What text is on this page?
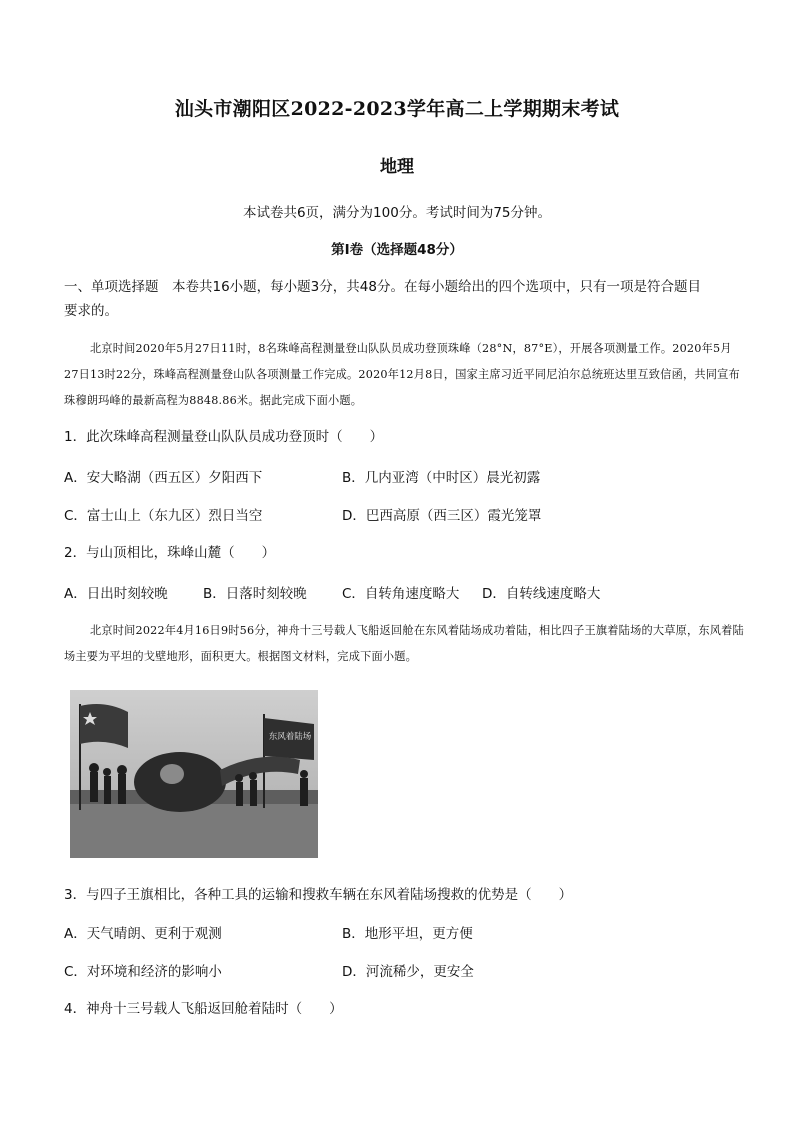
汕头市潮阳区2022-2023学年高二上学期期末考试
地理
本试卷共6页，满分为100分。考试时间为75分钟。
第I卷（选择题48分）
一、单项选择题　本卷共16小题，每小题3分，共48分。在每小题给出的四个选项中，只有一项是符合题目
要求的。
北京时间2020年5月27日11时，8名珠峰高程测量登山队队员成功登顶珠峰（28°N，87°E），开展各项测量工作。2020年5月27日13时22分，珠峰高程测量登山队各项测量工作完成。2020年12月8日，国家主席习近平同尼泊尔总统班达里互致信函，共同宣布珠穆朗玛峰的最新高程为8848.86米。据此完成下面小题。
1．此次珠峰高程测量登山队队员成功登顶时（　　）
A．安大略湖（西五区）夕阳西下	B．几内亚湾（中时区）晨光初露
C．富士山上（东九区）烈日当空	D．巴西高原（西三区）霞光笼罩
2．与山顶相比，珠峰山麓（　　）
A．日出时刻较晚	B．日落时刻较晚	C．自转角速度略大 D．自转线速度略大
北京时间2022年4月16日9时56分，神舟十三号载人飞船返回舱在东风着陆场成功着陆，相比四子王旗着陆场的大草原，东风着陆场主要为平坦的戈壁地形，面积更大。根据图文材料，完成下面小题。
东风着陆场
3．与四子王旗相比，各种工具的运输和搜救车辆在东风着陆场搜救的优势是（　　）
A．天气晴朗、更利于观测	B．地形平坦，更方便
C．对环境和经济的影响小	D．河流稀少，更安全
4．神舟十三号载人飞船返回舱着陆时（　　）
